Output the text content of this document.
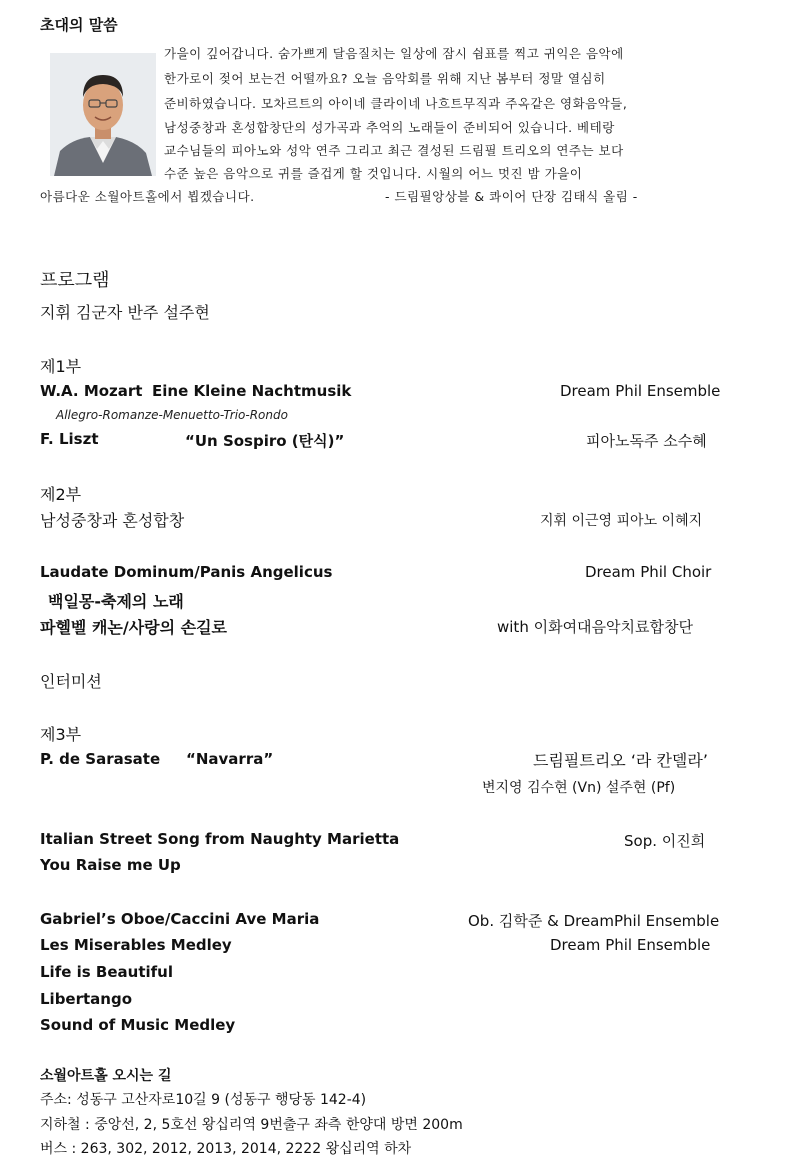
초대의 말씀
가을이 깊어갑니다. 숨가쁘게 달음질치는 일상에 잠시 쉼표를 찍고 귀익은 음악에
한가로이 젖어 보는건 어떨까요? 오늘 음악회를 위해 지난 봄부터 정말 열심히
준비하였습니다. 모차르트의 아이네 클라이네 나흐트무직과 주옥같은 영화음악들,
남성중창과 혼성합창단의 성가곡과 추억의 노래들이 준비되어 있습니다. 베테랑
교수님들의 피아노와 성악 연주 그리고 최근 결성된 드림필 트리오의 연주는 보다
수준 높은 음악으로 귀를 즐겁게 할 것입니다. 시월의 어느 멋진 밤 가을이
아름다운 소월아트홀에서 뵙겠습니다.	- 드림필앙상블 & 콰이어 단장 김태식 올림 -
프로그램
지휘 김군자 반주 설주현
제1부
W.A. Mozart Eine Kleine Nachtmusik	Dream Phil Ensemble
Allegro-Romanze-Menuetto-Trio-Rondo
F. Liszt	“Un Sospiro (탄식)”	피아노독주 소수혜
제2부
남성중창과 혼성합창	지휘 이근영 피아노 이혜지
Laudate Dominum/Panis Angelicus	Dream Phil Choir
백일몽-축제의 노래
파헬벨 캐논/사랑의 손길로	with 이화여대음악치료합창단
인터미션
제3부
P. de Sarasate “Navarra”	드림필트리오 ‘라 칸델라’
변지영 김수현 (Vn) 설주현 (Pf)
Italian Street Song from Naughty Marietta	Sop. 이진희
You Raise me Up
Gabriel’s Oboe/Caccini Ave Maria	Ob. 김학준 & DreamPhil Ensemble
Les Miserables Medley	Dream Phil Ensemble
Life is Beautiful
Libertango
Sound of Music Medley
소월아트홀 오시는 길
주소: 성동구 고산자로10길 9 (성동구 행당동 142-4)
지하철 : 중앙선, 2, 5호선 왕십리역 9번출구 좌측 한양대 방면 200m
버스 : 263, 302, 2012, 2013, 2014, 2222 왕십리역 하차
